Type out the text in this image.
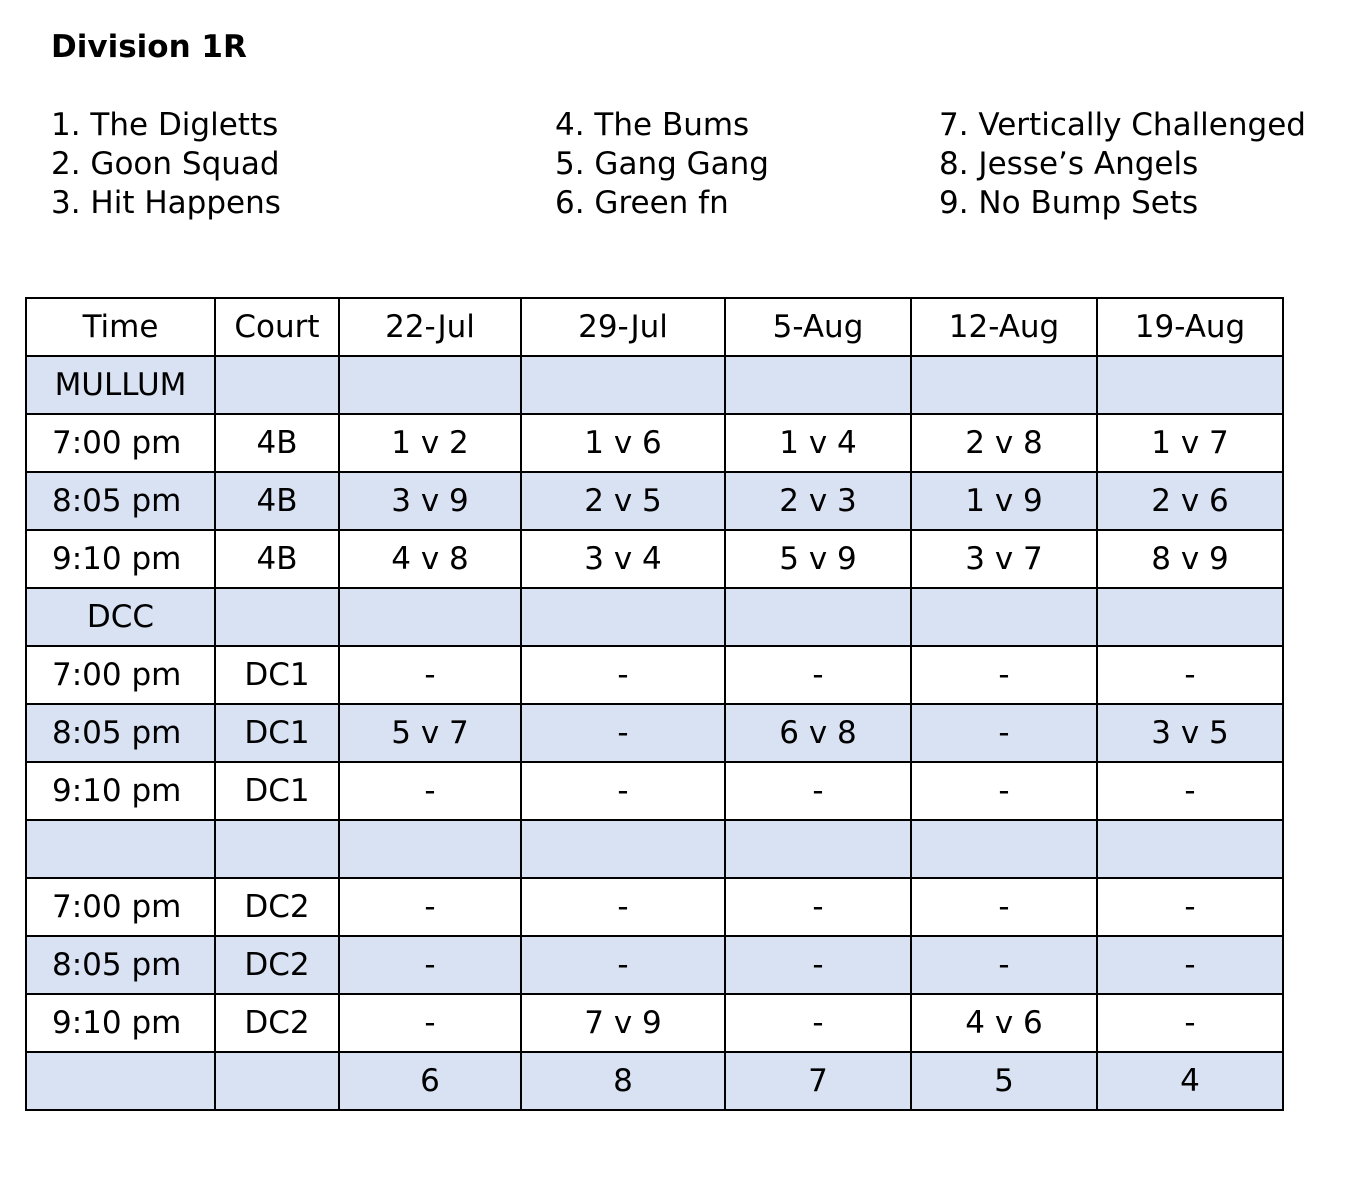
Division 1R
1. The Digletts
2. Goon Squad
3. Hit Happens
4. The Bums
5. Gang Gang
6. Green fn
7. Vertically Challenged
8. Jesse’s Angels
9. No Bump Sets
Time	Court	22-Jul	29-Jul	5-Aug	12-Aug	19-Aug
MULLUM						
7:00 pm	4B	1 v 2	1 v 6	1 v 4	2 v 8	1 v 7
8:05 pm	4B	3 v 9	2 v 5	2 v 3	1 v 9	2 v 6
9:10 pm	4B	4 v 8	3 v 4	5 v 9	3 v 7	8 v 9
DCC						
7:00 pm	DC1	-	-	-	-	-
8:05 pm	DC1	5 v 7	-	6 v 8	-	3 v 5
9:10 pm	DC1	-	-	-	-	-

7:00 pm	DC2	-	-	-	-	-
8:05 pm	DC2	-	-	-	-	-
9:10 pm	DC2	-	7 v 9	-	4 v 6	-
		6	8	7	5	4
